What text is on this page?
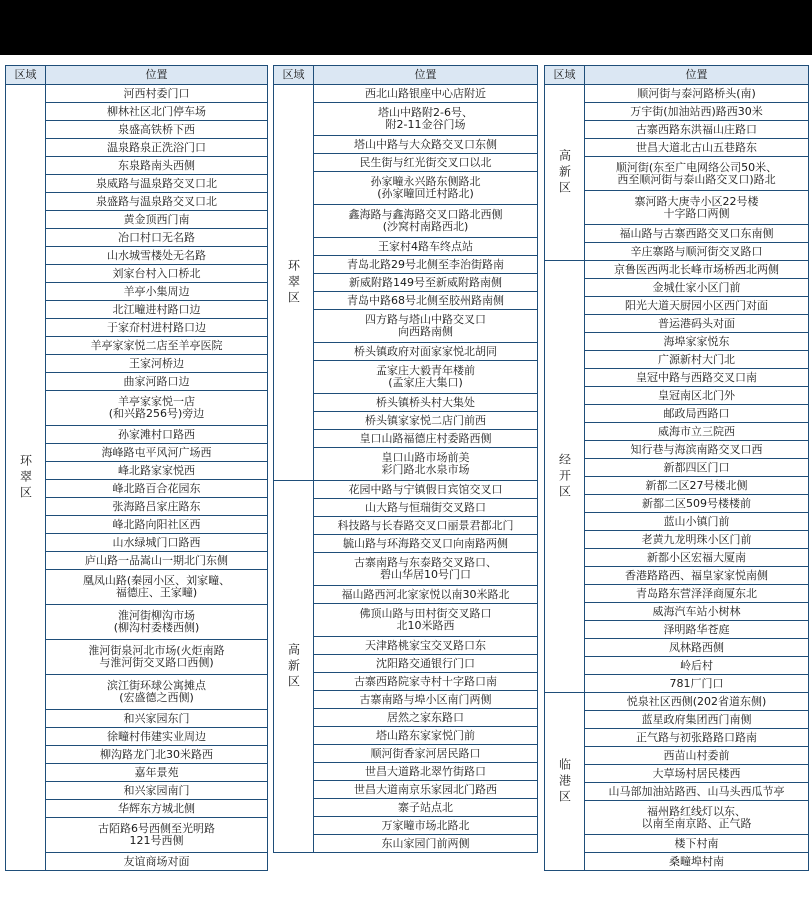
区域	位置
环翠区	河西村委门口
	柳林社区北门停车场
	泉盛高铁桥下西
	温泉路泉正洗浴门口
	东泉路南头西侧
	泉威路与温泉路交叉口北
	泉盛路与温泉路交叉口北
	黄金顶西门南
	冶口村口无名路
	山水城雪楼处无名路
	刘家台村入口桥北
	羊亭小集周边
	北江疃进村路口边
	于家夼村进村路口边
	羊亭家家悦二店至羊亭医院
	王家河桥边
	曲家河路口边
	羊亭家家悦一店
(和兴路256号)旁边
	孙家滩村口路西
	海峰路屯平风河广场西
	峰北路家家悦西
	峰北路百合花园东
	张海路吕家庄路东
	峰北路向阳社区西
	山水绿城门口路西
	庐山路一品嵩山一期北门东侧
	凰凤山路(秦园小区、刘家疃、
福德庄、王家疃)
	淮河街柳沟市场
(柳沟村委楼西侧)
	淮河街泉河北市场(火炬南路
与淮河街交叉路口西侧)
	滨江街环球公寓摊点
(宏盛德之西侧)
	和兴家园东门
	徐疃村伟建实业周边
	柳沟路龙门北30米路西
	嘉年景苑
	和兴家园南门
	华辉东方城北侧
	古陌路6号西侧至光明路
121号西侧
	友谊商场对面
区域	位置
环翠区	西北山路银座中心店附近
	塔山中路附2-6号、
附2-11金谷门场
	塔山中路与大众路交叉口东侧
	民生街与红光街交叉口以北
	孙家疃永兴路东侧路北
(孙家疃回迁村路北)
	鑫海路与鑫海路交叉口路北西侧
(沙窝村南路西北)
	王家村4路车终点站
	青岛北路29号北侧至李治街路南
	新威附路149号至新威附路南侧
	青岛中路68号北侧至胶州路南侧
	四方路与塔山中路交叉口
向西路南侧
	桥头镇政府对面家家悦北胡同
	孟家庄大毅青年楼前
(孟家庄大集口)
	桥头镇桥头村大集处
	桥头镇家家悦二店门前西
	皇口山路福德庄村委路西侧
	皇口山路市场前美
彩门路北水泉市场
高新区	花园中路与宁镇假日宾馆交叉口
	山大路与恒瑞街交叉路口
	科技路与长春路交叉口丽景君都北门
	毓山路与环海路交叉口向南路两侧
	古寨南路与东泰路交叉路口、
碧山华居10号门口
	福山路西河北家家悦以南30米路北
	佛顶山路与田村街交叉路口
北10米路西
	天津路桃家宝交叉路口东
	沈阳路交通银行门口
	古寨西路院家寺村十字路口南
	古寨南路与埠小区南门两侧
	居然之家东路口
	塔山路东家家悦门前
	顺河街香家河居民路口
	世昌大道路北翠竹街路口
	世昌大道南京乐家园北门路西
	寨子站点北
	万家疃市场北路北
	东山家园门前两侧
区域	位置
高新区	顺河街与泰河路桥头(南)
	万宇街(加油站西)路西30米
	古寨西路东洪福山庄路口
	世昌大道北古山五巷路东
	顺河街(东至广电网络公司50米、
西至顺河街与泰山路交叉口)路北
	寨河路大庚寺小区22号楼
十字路口两侧
	福山路与古寨西路交叉口东南侧
	辛庄寨路与顺河街交叉路口
经开区	京鲁医西两北长峰市场桥西北两侧
	金城仕家小区门前
	阳光大道天厨园小区西门对面
	普运港码头对面
	海埠家家悦东
	广源新村大门北
	皇冠中路与西路交叉口南
	皇冠南区北门外
	邮政局西路口
	威海市立三院西
	知行巷与海滨南路交叉口西
	新都四区门口
	新都二区27号楼北侧
	新都二区509号楼楼前
	蓝山小镇门前
	老黄九龙明珠小区门前
	新都小区宏福大厦南
	香港路路西、福皇家家悦南侧
	青岛路东营泽泽商厦东北
	威海汽车站小树林
	泽明路华苍庭
	凤林路西侧
	岭后村
	781厂门口
临港区	悦泉社区西侧(202省道东侧)
	蓝星政府集团西门南侧
	正气路与初张路路口路南
	西苗山村委前
	大草场村居民楼西
	山马部加油站路西、山马头西瓜节亭
	福州路红线灯以东、
以南至南京路、正气路
	楼下村南
	桑疃埠村南
